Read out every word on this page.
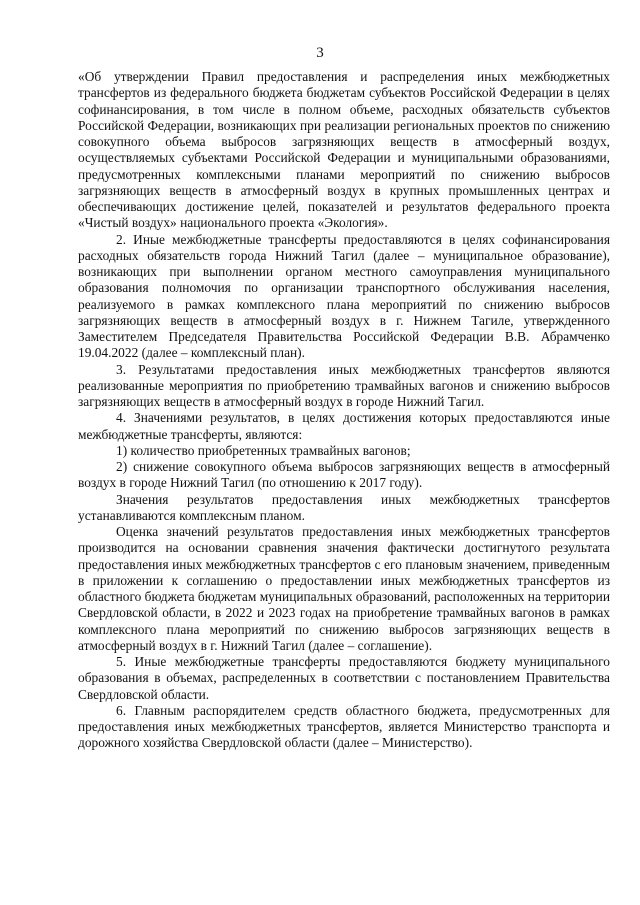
3

«Об утверждении Правил предоставления и распределения иных межбюджетных трансфертов из федерального бюджета бюджетам субъектов Российской Федерации в целях софинансирования, в том числе в полном объеме, расходных обязательств субъектов Российской Федерации, возникающих при реализации региональных проектов по снижению совокупного объема выбросов загрязняющих веществ в атмосферный воздух, осуществляемых субъектами Российской Федерации и муниципальными образованиями, предусмотренных комплексными планами мероприятий по снижению выбросов загрязняющих веществ в атмосферный воздух в крупных промышленных центрах и обеспечивающих достижение целей, показателей и результатов федерального проекта «Чистый воздух» национального проекта «Экология».

2. Иные межбюджетные трансферты предоставляются в целях софинансирования расходных обязательств города Нижний Тагил (далее – муниципальное образование), возникающих при выполнении органом местного самоуправления муниципального образования полномочия по организации транспортного обслуживания населения, реализуемого в рамках комплексного плана мероприятий по снижению выбросов загрязняющих веществ в атмосферный воздух в г. Нижнем Тагиле, утвержденного Заместителем Председателя Правительства Российской Федерации В.В. Абрамченко 19.04.2022 (далее – комплексный план).

3. Результатами предоставления иных межбюджетных трансфертов являются реализованные мероприятия по приобретению трамвайных вагонов и снижению выбросов загрязняющих веществ в атмосферный воздух в городе Нижний Тагил.

4. Значениями результатов, в целях достижения которых предоставляются иные межбюджетные трансферты, являются:

1) количество приобретенных трамвайных вагонов;

2) снижение совокупного объема выбросов загрязняющих веществ в атмосферный воздух в городе Нижний Тагил (по отношению к 2017 году).

Значения результатов предоставления иных межбюджетных трансфертов устанавливаются комплексным планом.

Оценка значений результатов предоставления иных межбюджетных трансфертов производится на основании сравнения значения фактически достигнутого результата предоставления иных межбюджетных трансфертов с его плановым значением, приведенным в приложении к соглашению о предоставлении иных межбюджетных трансфертов из областного бюджета бюджетам муниципальных образований, расположенных на территории Свердловской области, в 2022 и 2023 годах на приобретение трамвайных вагонов в рамках комплексного плана мероприятий по снижению выбросов загрязняющих веществ в атмосферный воздух в г. Нижний Тагил (далее – соглашение).

5. Иные межбюджетные трансферты предоставляются бюджету муниципального образования в объемах, распределенных в соответствии с постановлением Правительства Свердловской области.

6. Главным распорядителем средств областного бюджета, предусмотренных для предоставления иных межбюджетных трансфертов, является Министерство транспорта и дорожного хозяйства Свердловской области (далее – Министерство).
